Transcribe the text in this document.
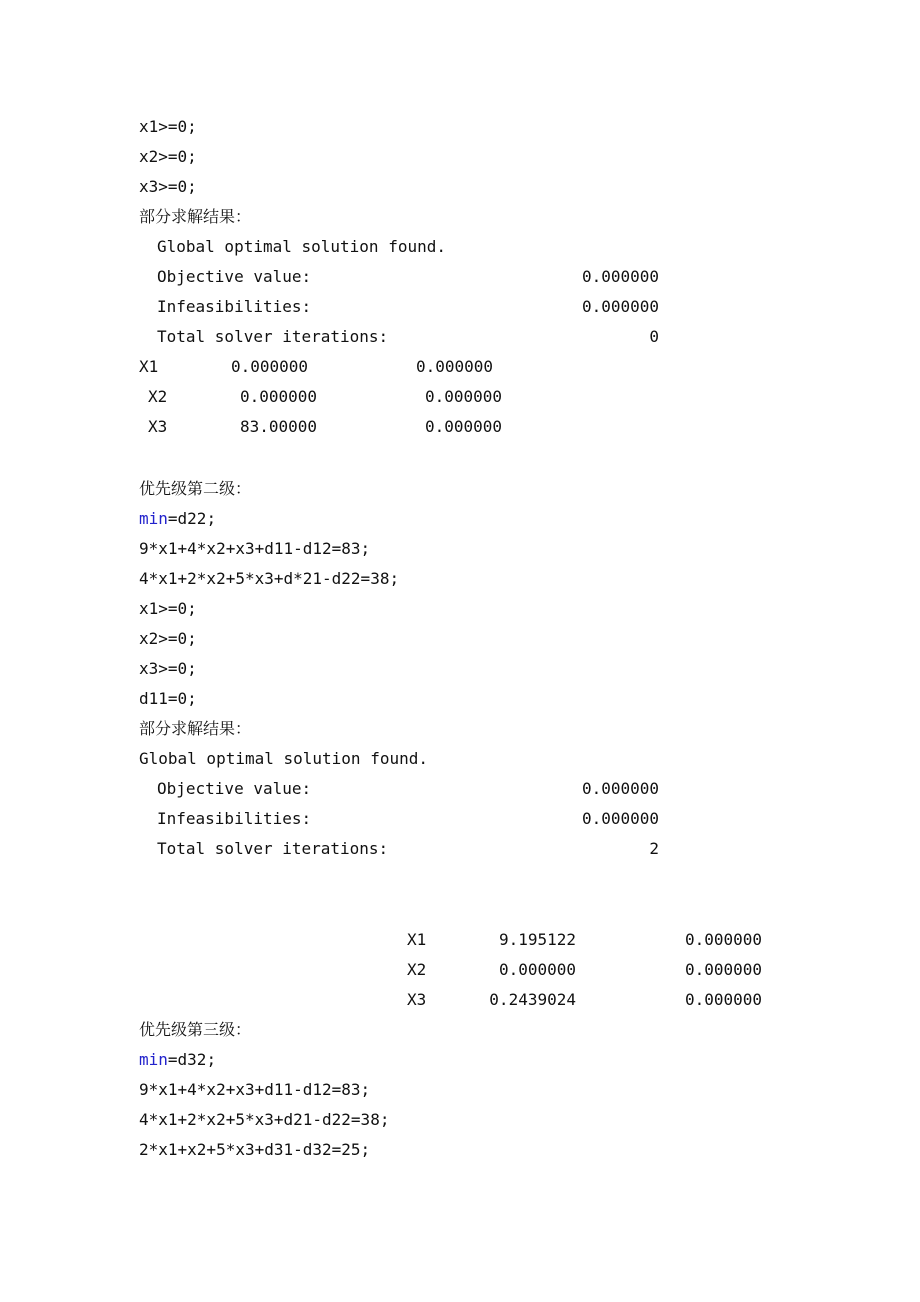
x1>=0;
x2>=0;
x3>=0;
部分求解结果：
Global optimal solution found.
Objective value:	0.000000
Infeasibilities:	0.000000
Total solver iterations:	0
X1	0.000000	0.000000
X2	0.000000	0.000000
X3	83.00000	0.000000
优先级第二级：
min=d22;
9*x1+4*x2+x3+d11-d12=83;
4*x1+2*x2+5*x3+d*21-d22=38;
x1>=0;
x2>=0;
x3>=0;
d11=0;
部分求解结果：
Global optimal solution found.
Objective value:	0.000000
Infeasibilities:	0.000000
Total solver iterations:	2
X1	9.195122	0.000000
X2	0.000000	0.000000
X3	0.2439024	0.000000
优先级第三级：
min=d32;
9*x1+4*x2+x3+d11-d12=83;
4*x1+2*x2+5*x3+d21-d22=38;
2*x1+x2+5*x3+d31-d32=25;
